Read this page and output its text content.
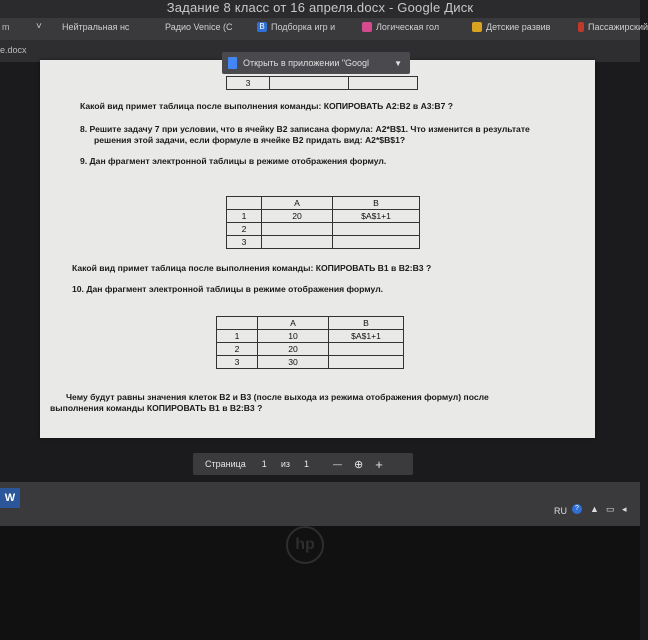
Задание 8 класс от 16 апреля.docx - Google Диск
m	˅ Нейтральная нс	Радио Venice (С	B Подборка игр и	Логическая гол	Детские развив	Пассажирский
e.docx
3		
Какой вид примет таблица после выполнения команды: КОПИРОВАТЬ А2:В2 в А3:В7 ?
8. Решите задачу 7 при условии, что в ячейку В2 записана формула: А2*В$1. Что изменится в результате
решения этой задачи, если формуле в ячейке В2 придать вид: А2*$В$1?
9. Дан фрагмент электронной таблицы в режиме отображения формул.
	A	B
1	20	$A$1+1
2		
3		
Какой вид примет таблица после выполнения команды: КОПИРОВАТЬ В1 в В2:В3 ?
10. Дан фрагмент электронной таблицы в режиме отображения формул.
	A	B
1	10	$A$1+1
2	20	
3	30	
Чему будут равны значения клеток В2 и В3 (после выхода из режима отображения формул) после
выполнения команды КОПИРОВАТЬ В1 в В2:В3 ?
Открыть в приложении "Googl	▼
Страница 1 из 1	— ⊕ +
W
RU	?	▲ ▭ ◂
hp
